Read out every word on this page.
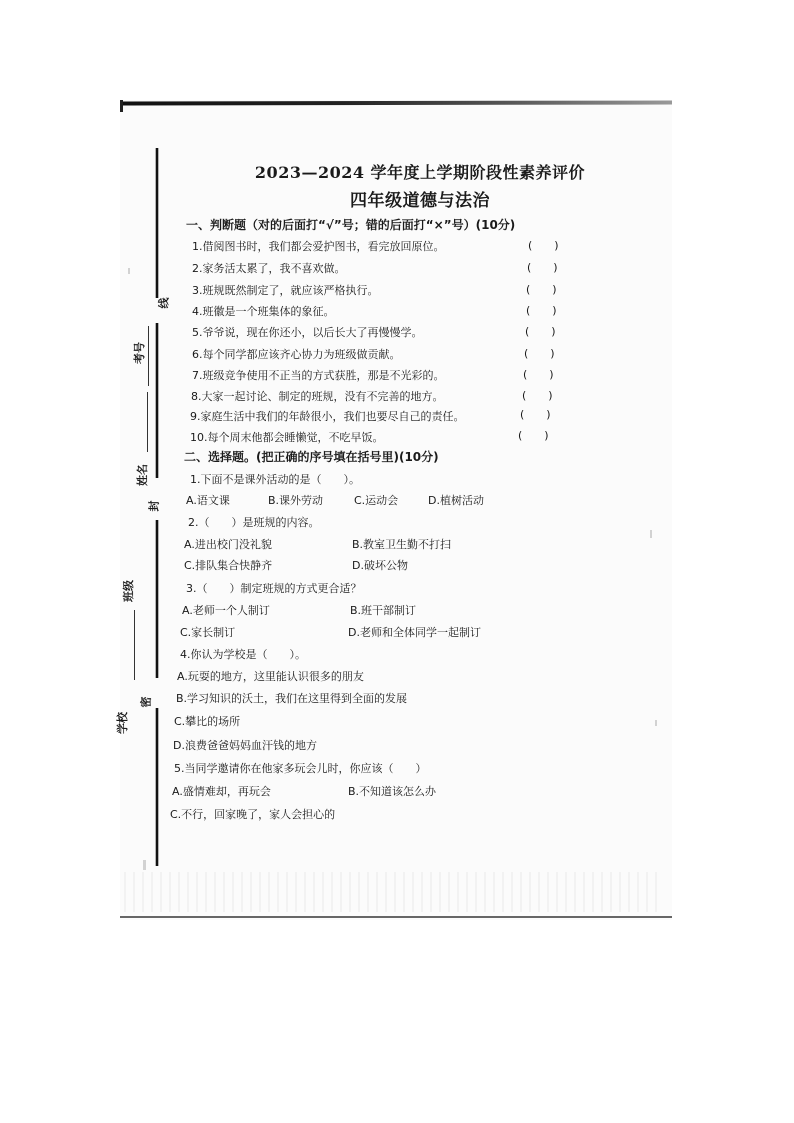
线
封
密
考号
姓名
班级
学校
2023—2024 学年度上学期阶段性素养评价
四年级道德与法治
一、判断题（对的后面打“√”号；错的后面打“×”号）(10分)
1.借阅图书时，我们都会爱护图书，看完放回原位。	(　　)
2.家务活太累了，我不喜欢做。	(　　)
3.班规既然制定了，就应该严格执行。	(　　)
4.班徽是一个班集体的象征。	(　　)
5.爷爷说，现在你还小，以后长大了再慢慢学。	(　　)
6.每个同学都应该齐心协力为班级做贡献。	(　　)
7.班级竞争使用不正当的方式获胜，那是不光彩的。	(　　)
8.大家一起讨论、制定的班规，没有不完善的地方。	(　　)
9.家庭生活中我们的年龄很小，我们也要尽自己的责任。	(　　)
10.每个周末他都会睡懒觉，不吃早饭。	(　　)
二、选择题。(把正确的序号填在括号里)(10分)
1.下面不是课外活动的是（　　）。
A.语文课	B.课外劳动	C.运动会	D.植树活动
2.（　　）是班规的内容。
A.进出校门没礼貌	B.教室卫生勤不打扫
C.排队集合快静齐	D.破坏公物
3.（　　）制定班规的方式更合适？
A.老师一个人制订	B.班干部制订
C.家长制订	D.老师和全体同学一起制订
4.你认为学校是（　　）。
A.玩耍的地方，这里能认识很多的朋友
B.学习知识的沃土，我们在这里得到全面的发展
C.攀比的场所
D.浪费爸爸妈妈血汗钱的地方
5.当同学邀请你在他家多玩会儿时，你应该（　　）
A.盛情难却，再玩会	B.不知道该怎么办
C.不行，回家晚了，家人会担心的
